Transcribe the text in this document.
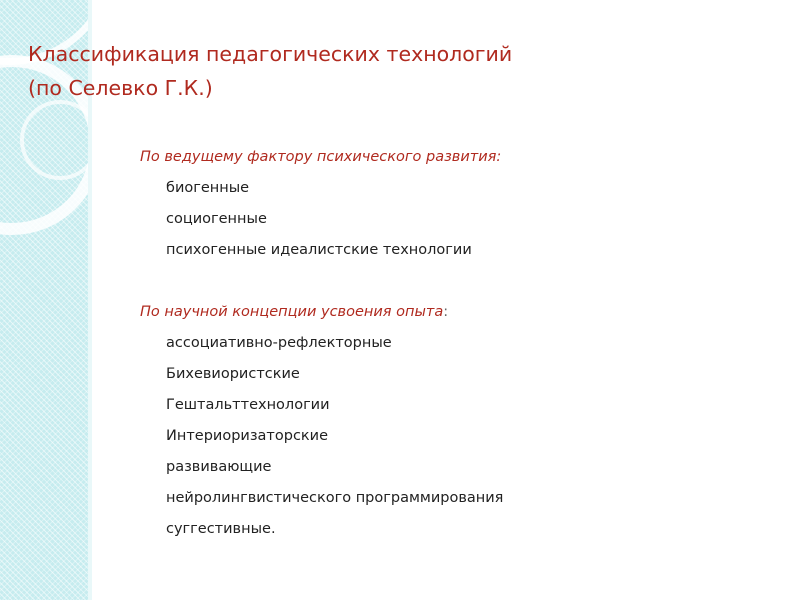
Классификация педагогических технологий
(по Селевко Г.К.)
По ведущему фактору психического развития:
биогенные
социогенные
психогенные идеалистские технологии
По научной концепции усвоения опыта:
ассоциативно-рефлекторные
Бихевиористские
Гештальттехнологии
Интериоризаторские
развивающие
нейролингвистического программирования
суггестивные.
